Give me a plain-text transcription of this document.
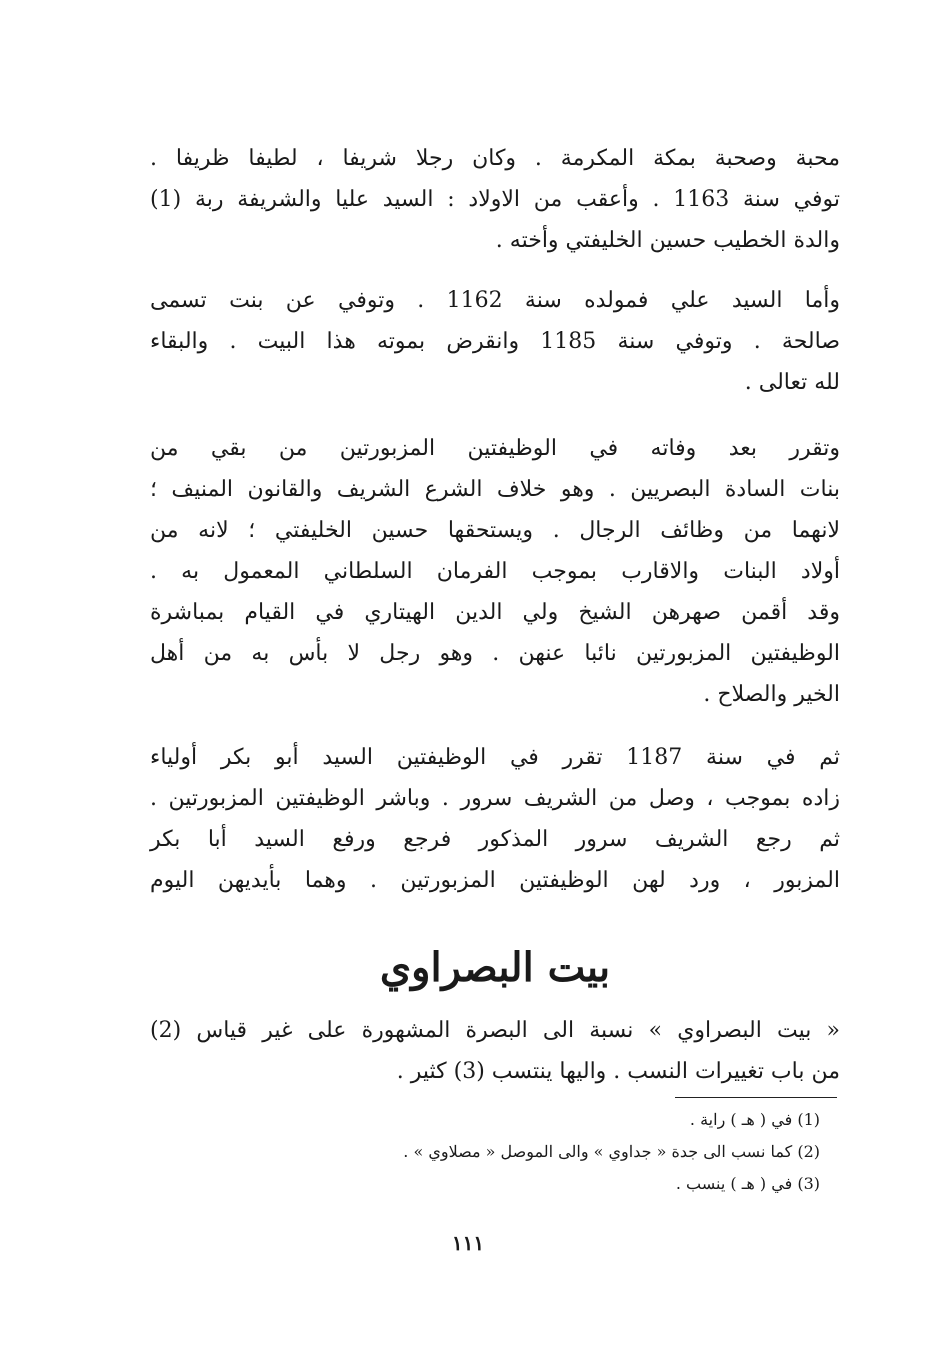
محبة وصحبة بمكة المكرمة . وكان رجلا شريفا ، لطيفا ظريفا .
توفي سنة 1163 . وأعقب من الاولاد : السيد عليا والشريفة ربة (1)
والدة الخطيب حسين الخليفتي وأخته .
وأما السيد علي فمولده سنة 1162 . وتوفي عن بنت تسمى
صالحة . وتوفي سنة 1185 وانقرض بموته هذا البيت . والبقاء
لله تعالى .
وتقرر بعد وفاته في الوظيفتين المزبورتين من بقي من
بنات السادة البصريين . وهو خلاف الشرع الشريف والقانون المنيف ؛
لانهما من وظائف الرجال . ويستحقها حسين الخليفتي ؛ لانه من
أولاد البنات والاقارب بموجب الفرمان السلطاني المعمول به .
وقد أقمن صهرهن الشيخ ولي الدين الهيتاري في القيام بمباشرة
الوظيفتين المزبورتين نائبا عنهن . وهو رجل لا بأس به من أهل
الخير والصلاح .
ثم في سنة 1187 تقرر في الوظيفتين السيد أبو بكر أولياء
زاده بموجب ، وصل من الشريف سرور . وباشر الوظيفتين المزبورتين .
ثم رجع الشريف سرور المذكور فرجع ورفع السيد أبا بكر
المزبور ، ورد لهن الوظيفتين المزبورتين . وهما بأيديهن اليوم
بيت البصراوي
« بيت البصراوي » نسبة الى البصرة المشهورة على غير قياس (2)
من باب تغييرات النسب . واليها ينتسب (3) كثير .
(1) في ( هـ ) راية .
(2) كما نسب الى جدة « جداوي » والى الموصل « مصلاوي » .
(3) في ( هـ ) ينسب .
١١١
